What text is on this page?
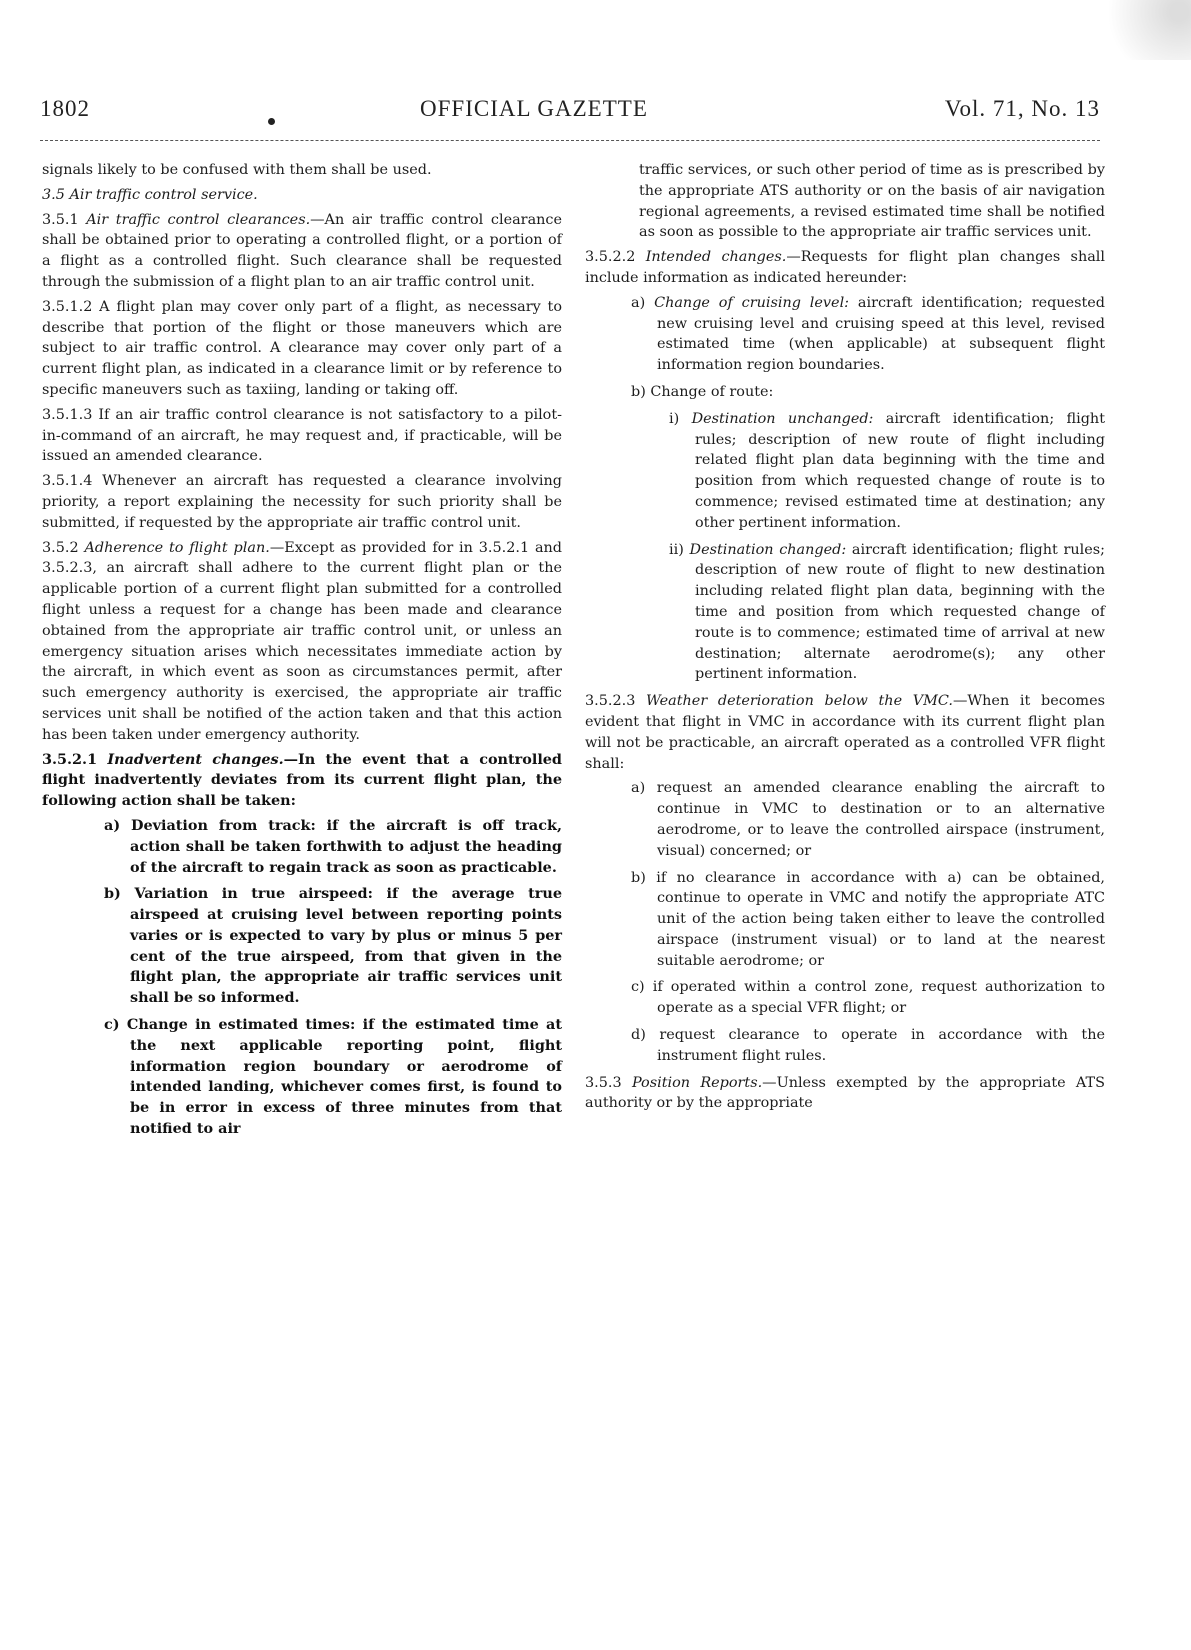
1802	OFFICIAL GAZETTE	Vol. 71, No. 13

signals likely to be confused with them shall be used.

3.5 Air traffic control service.

3.5.1 Air traffic control clearances.—An air traffic control clearance shall be obtained prior to operating a controlled flight, or a portion of a flight as a controlled flight. Such clearance shall be requested through the submission of a flight plan to an air traffic control unit.

3.5.1.2 A flight plan may cover only part of a flight, as necessary to describe that portion of the flight or those maneuvers which are subject to air traffic control. A clearance may cover only part of a current flight plan, as indicated in a clearance limit or by reference to specific maneuvers such as taxiing, landing or taking off.

3.5.1.3 If an air traffic control clearance is not satisfactory to a pilot-in-command of an aircraft, he may request and, if practicable, will be issued an amended clearance.

3.5.1.4 Whenever an aircraft has requested a clearance involving priority, a report explaining the necessity for such priority shall be submitted, if requested by the appropriate air traffic control unit.

3.5.2 Adherence to flight plan.—Except as provided for in 3.5.2.1 and 3.5.2.3, an aircraft shall adhere to the current flight plan or the applicable portion of a current flight plan submitted for a controlled flight unless a request for a change has been made and clearance obtained from the appropriate air traffic control unit, or unless an emergency situation arises which necessitates immediate action by the aircraft, in which event as soon as circumstances permit, after such emergency authority is exercised, the appropriate air traffic services unit shall be notified of the action taken and that this action has been taken under emergency authority.

3.5.2.1 Inadvertent changes.—In the event that a controlled flight inadvertently deviates from its current flight plan, the following action shall be taken:

a) Deviation from track: if the aircraft is off track, action shall be taken forthwith to adjust the heading of the aircraft to regain track as soon as practicable.

b) Variation in true airspeed: if the average true airspeed at cruising level between reporting points varies or is expected to vary by plus or minus 5 per cent of the true airspeed, from that given in the flight plan, the appropriate air traffic services unit shall be so informed.

c) Change in estimated times: if the estimated time at the next applicable reporting point, flight information region boundary or aerodrome of intended landing, whichever comes first, is found to be in error in excess of three minutes from that notified to air

traffic services, or such other period of time as is prescribed by the appropriate ATS authority or on the basis of air navigation regional agreements, a revised estimated time shall be notified as soon as possible to the appropriate air traffic services unit.

3.5.2.2 Intended changes.—Requests for flight plan changes shall include information as indicated hereunder:

a) Change of cruising level: aircraft identification; requested new cruising level and cruising speed at this level, revised estimated time (when applicable) at subsequent flight information region boundaries.

b) Change of route:

i) Destination unchanged: aircraft identification; flight rules; description of new route of flight including related flight plan data beginning with the time and position from which requested change of route is to commence; revised estimated time at destination; any other pertinent information.

ii) Destination changed: aircraft identification; flight rules; description of new route of flight to new destination including related flight plan data, beginning with the time and position from which requested change of route is to commence; estimated time of arrival at new destination; alternate aerodrome(s); any other pertinent information.

3.5.2.3 Weather deterioration below the VMC.—When it becomes evident that flight in VMC in accordance with its current flight plan will not be practicable, an aircraft operated as a controlled VFR flight shall:

a) request an amended clearance enabling the aircraft to continue in VMC to destination or to an alternative aerodrome, or to leave the controlled airspace (instrument, visual) concerned; or

b) if no clearance in accordance with a) can be obtained, continue to operate in VMC and notify the appropriate ATC unit of the action being taken either to leave the controlled airspace (instrument visual) or to land at the nearest suitable aerodrome; or

c) if operated within a control zone, request authorization to operate as a special VFR flight; or

d) request clearance to operate in accordance with the instrument flight rules.

3.5.3 Position Reports.—Unless exempted by the appropriate ATS authority or by the appropriate
